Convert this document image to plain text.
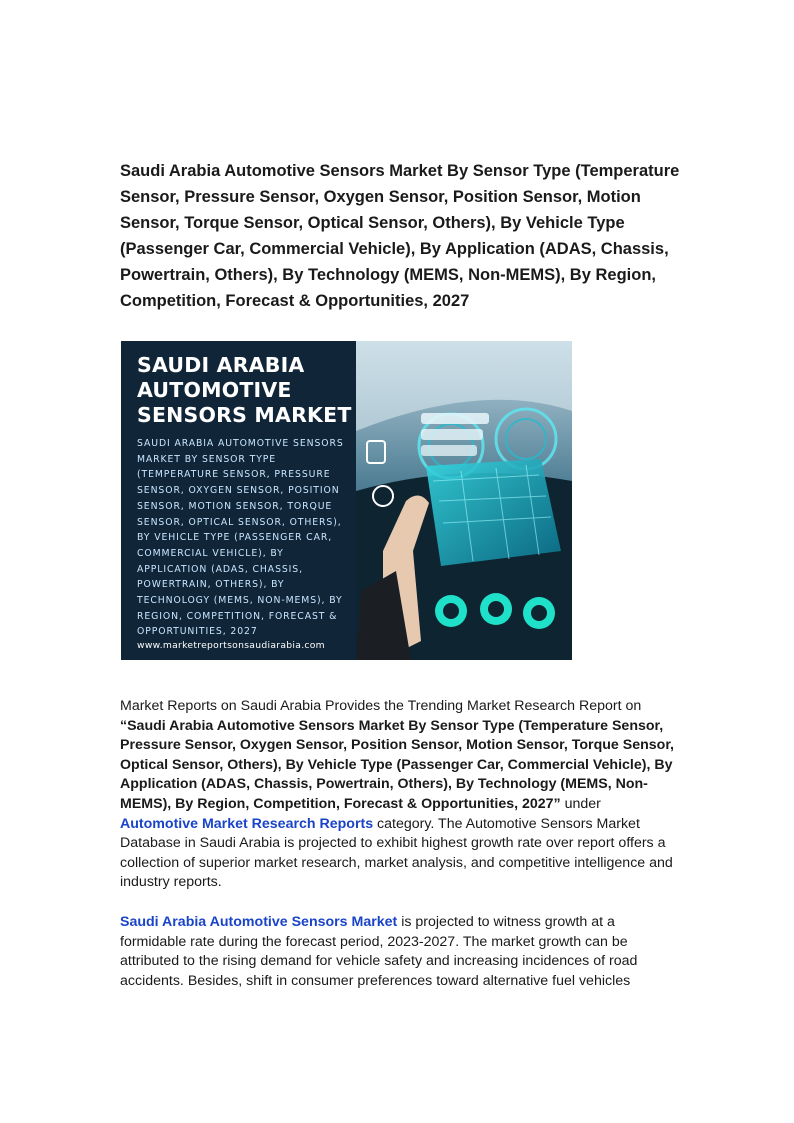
Saudi Arabia Automotive Sensors Market By Sensor Type (Temperature Sensor, Pressure Sensor, Oxygen Sensor, Position Sensor, Motion Sensor, Torque Sensor, Optical Sensor, Others), By Vehicle Type (Passenger Car, Commercial Vehicle), By Application (ADAS, Chassis, Powertrain, Others), By Technology (MEMS, Non-MEMS), By Region, Competition, Forecast & Opportunities, 2027
SAUDI ARABIA
AUTOMOTIVE
SENSORS MARKET

SAUDI ARABIA AUTOMOTIVE SENSORS MARKET BY SENSOR TYPE (TEMPERATURE SENSOR, PRESSURE SENSOR, OXYGEN SENSOR, POSITION SENSOR, MOTION SENSOR, TORQUE SENSOR, OPTICAL SENSOR, OTHERS), BY VEHICLE TYPE (PASSENGER CAR, COMMERCIAL VEHICLE), BY APPLICATION (ADAS, CHASSIS, POWERTRAIN, OTHERS), BY TECHNOLOGY (MEMS, NON-MEMS), BY REGION, COMPETITION, FORECAST & OPPORTUNITIES, 2027

www.marketreportsonsaudiarabia.com

Market Reports on Saudi Arabia Provides the Trending Market Research Report on “Saudi Arabia Automotive Sensors Market By Sensor Type (Temperature Sensor, Pressure Sensor, Oxygen Sensor, Position Sensor, Motion Sensor, Torque Sensor, Optical Sensor, Others), By Vehicle Type (Passenger Car, Commercial Vehicle), By Application (ADAS, Chassis, Powertrain, Others), By Technology (MEMS, Non-MEMS), By Region, Competition, Forecast & Opportunities, 2027” under Automotive Market Research Reports category. The Automotive Sensors Market Database in Saudi Arabia is projected to exhibit highest growth rate over report offers a collection of superior market research, market analysis, and competitive intelligence and industry reports.

Saudi Arabia Automotive Sensors Market is projected to witness growth at a formidable rate during the forecast period, 2023-2027. The market growth can be attributed to the rising demand for vehicle safety and increasing incidences of road accidents. Besides, shift in consumer preferences toward alternative fuel vehicles
